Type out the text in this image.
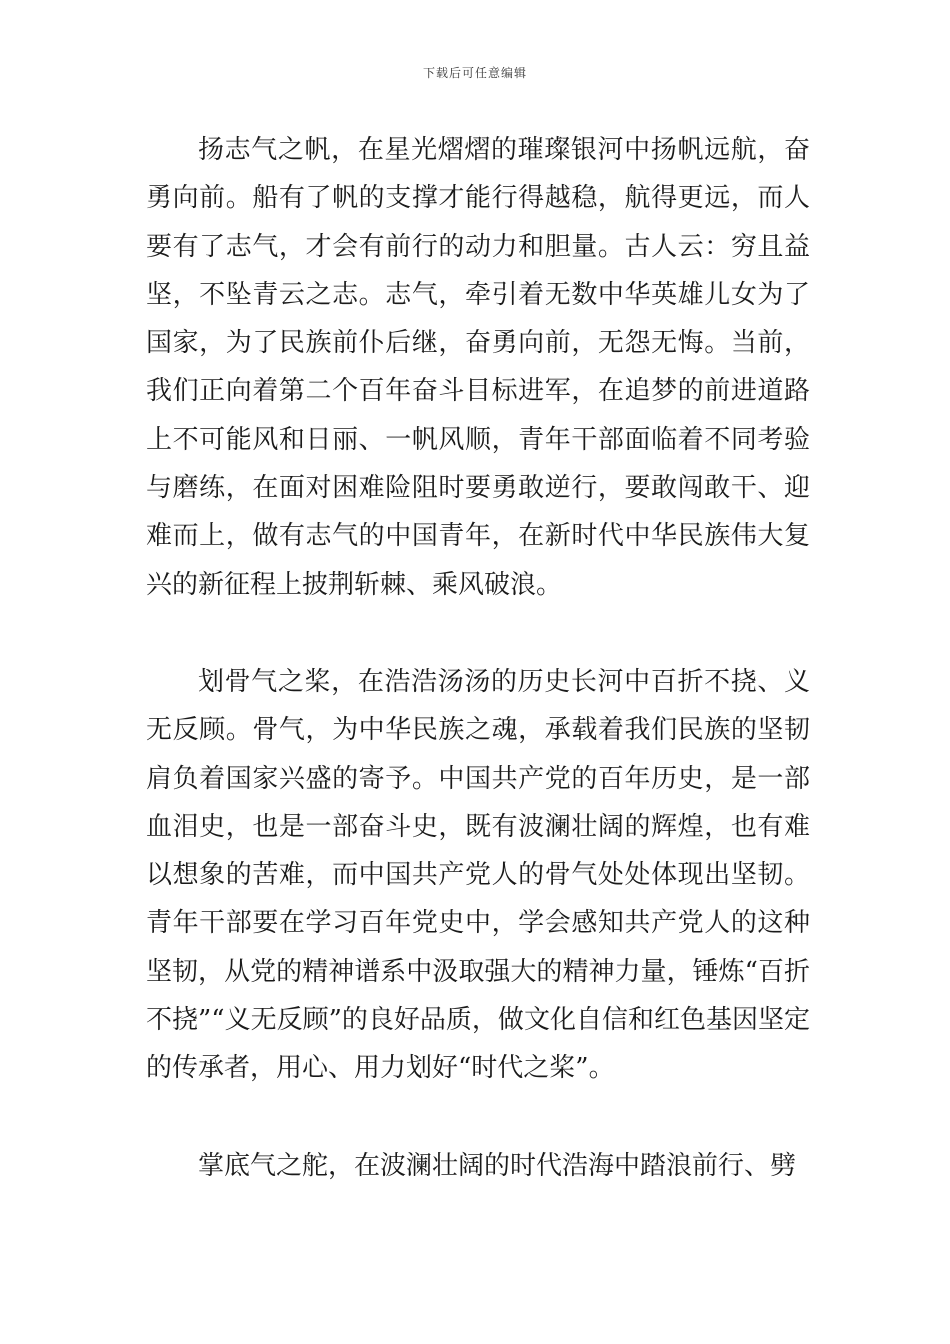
下载后可任意编辑

扬志气之帆，在星光熠熠的璀璨银河中扬帆远航，奋勇向前。船有了帆的支撑才能行得越稳，航得更远，而人要有了志气，才会有前行的动力和胆量。古人云：穷且益坚，不坠青云之志。志气，牵引着无数中华英雄儿女为了国家，为了民族前仆后继，奋勇向前，无怨无悔。当前，我们正向着第二个百年奋斗目标进军，在追梦的前进道路上不可能风和日丽、一帆风顺，青年干部面临着不同考验与磨练，在面对困难险阻时要勇敢逆行，要敢闯敢干、迎难而上，做有志气的中国青年，在新时代中华民族伟大复兴的新征程上披荆斩棘、乘风破浪。

划骨气之桨，在浩浩汤汤的历史长河中百折不挠、义无反顾。骨气，为中华民族之魂，承载着我们民族的坚韧肩负着国家兴盛的寄予。中国共产党的百年历史，是一部血泪史，也是一部奋斗史，既有波澜壮阔的辉煌，也有难以想象的苦难，而中国共产党人的骨气处处体现出坚韧。青年干部要在学习百年党史中，学会感知共产党人的这种坚韧，从党的精神谱系中汲取强大的精神力量，锤炼“百折不挠”“义无反顾”的良好品质，做文化自信和红色基因坚定的传承者，用心、用力划好“时代之桨”。

掌底气之舵，在波澜壮阔的时代浩海中踏浪前行、劈
